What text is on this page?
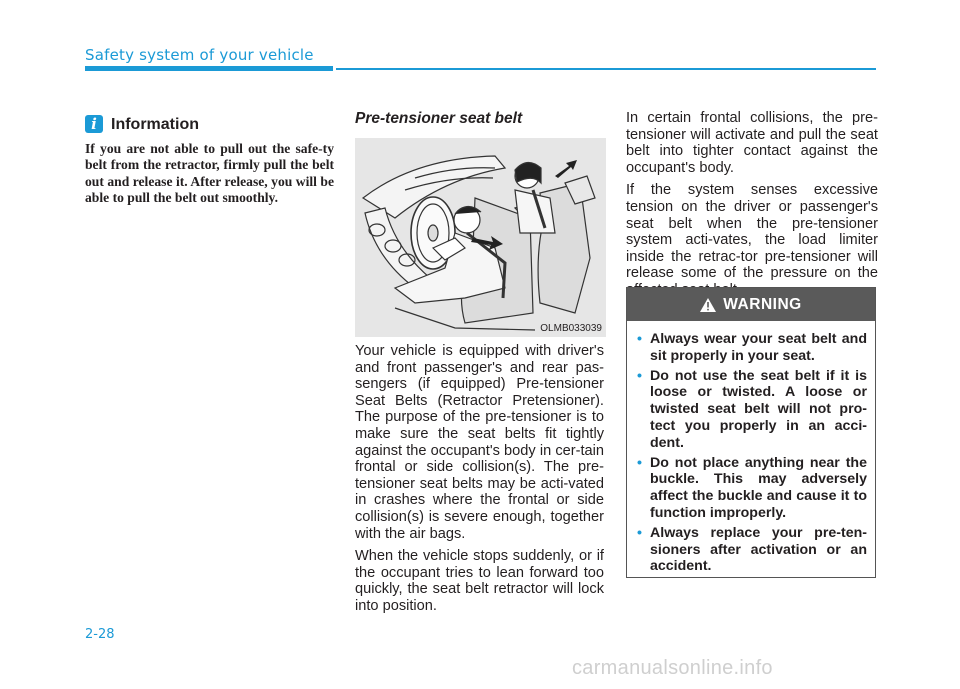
Safety system of your vehicle
i Information

If you are not able to pull out the safe-ty belt from the retractor, firmly pull the belt out and release it. After release, you will be able to pull the belt out smoothly.

Pre-tensioner seat belt
OLMB033039

Your vehicle is equipped with driver's and front passenger's and rear pas-sengers (if equipped) Pre-tensioner Seat Belts (Retractor Pretensioner). The purpose of the pre-tensioner is to make sure the seat belts fit tightly against the occupant's body in cer-tain frontal or side collision(s). The pre-tensioner seat belts may be acti-vated in crashes where the frontal or side collision(s) is severe enough, together with the air bags.

When the vehicle stops suddenly, or if the occupant tries to lean forward too quickly, the seat belt retractor will lock into position.

In certain frontal collisions, the pre-tensioner will activate and pull the seat belt into tighter contact against the occupant's body.

If the system senses excessive tension on the driver or passenger's seat belt when the pre-tensioner system acti-vates, the load limiter inside the retrac-tor pre-tensioner will release some of the pressure on the

WARNING
• Always wear your seat belt and sit properly in your seat.
• Do not use the seat belt if it is loose or twisted. A loose or twisted seat belt will not pro-tect you properly in an acci-dent.
• Do not place anything near the buckle. This may adversely affect the buckle and cause it to function improperly.
• Always replace your pre-ten-sioners after activation or an accident.
2-28
carmanualsonline.info
